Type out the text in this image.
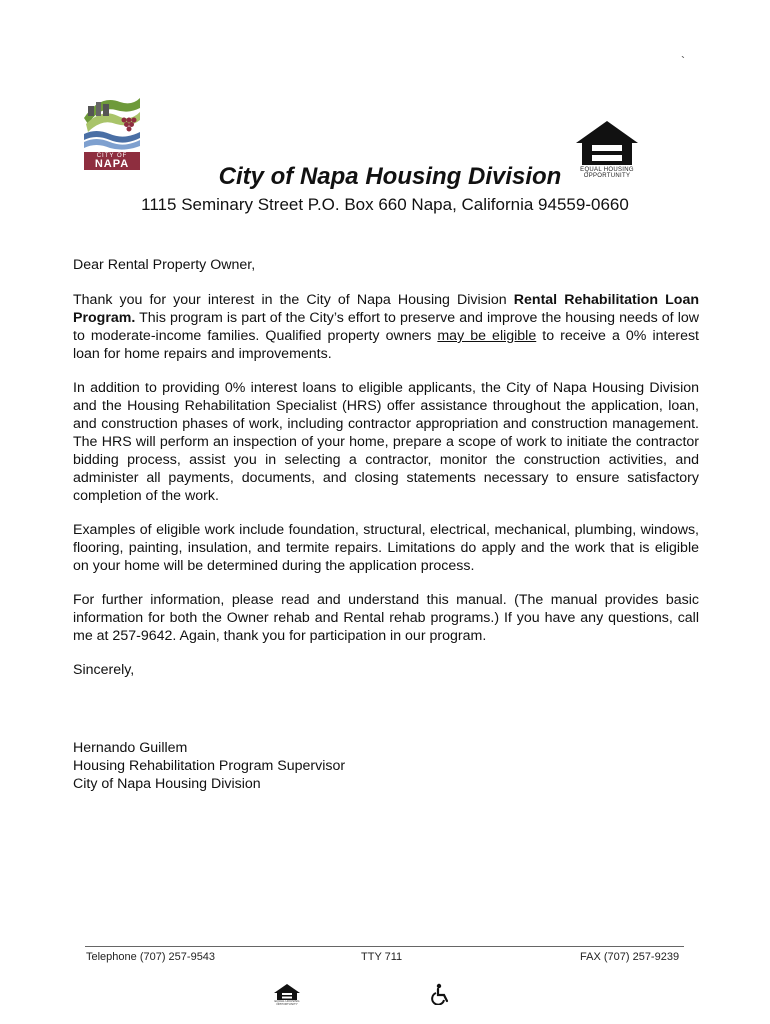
`
CITY OF
NAPA	EQUAL HOUSING OPPORTUNITY
City of Napa Housing Division
1115 Seminary Street P.O. Box 660 Napa, California 94559-0660

Dear Rental Property Owner,

Thank you for your interest in the City of Napa Housing Division Rental Rehabilitation Loan Program. This program is part of the City’s effort to preserve and improve the housing needs of low to moderate-income families. Qualified property owners may be eligible to receive a 0% interest loan for home repairs and improvements.

In addition to providing 0% interest loans to eligible applicants, the City of Napa Housing Division and the Housing Rehabilitation Specialist (HRS) offer assistance throughout the application, loan, and construction phases of work, including contractor appropriation and construction management. The HRS will perform an inspection of your home, prepare a scope of work to initiate the contractor bidding process, assist you in selecting a contractor, monitor the construction activities, and administer all payments, documents, and closing statements necessary to ensure satisfactory completion of the work.

Examples of eligible work include foundation, structural, electrical, mechanical, plumbing, windows, flooring, painting, insulation, and termite repairs. Limitations do apply and the work that is eligible on your home will be determined during the application process.

For further information, please read and understand this manual. (The manual provides basic information for both the Owner rehab and Rental rehab programs.) If you have any questions, call me at 257-9642. Again, thank you for participation in our program.

Sincerely,

Hernando Guillem

Housing Rehabilitation Program Supervisor

City of Napa Housing Division

Telephone (707) 257-9543	TTY 711	FAX (707) 257-9239
EQUAL HOUSING OPPORTUNITY
